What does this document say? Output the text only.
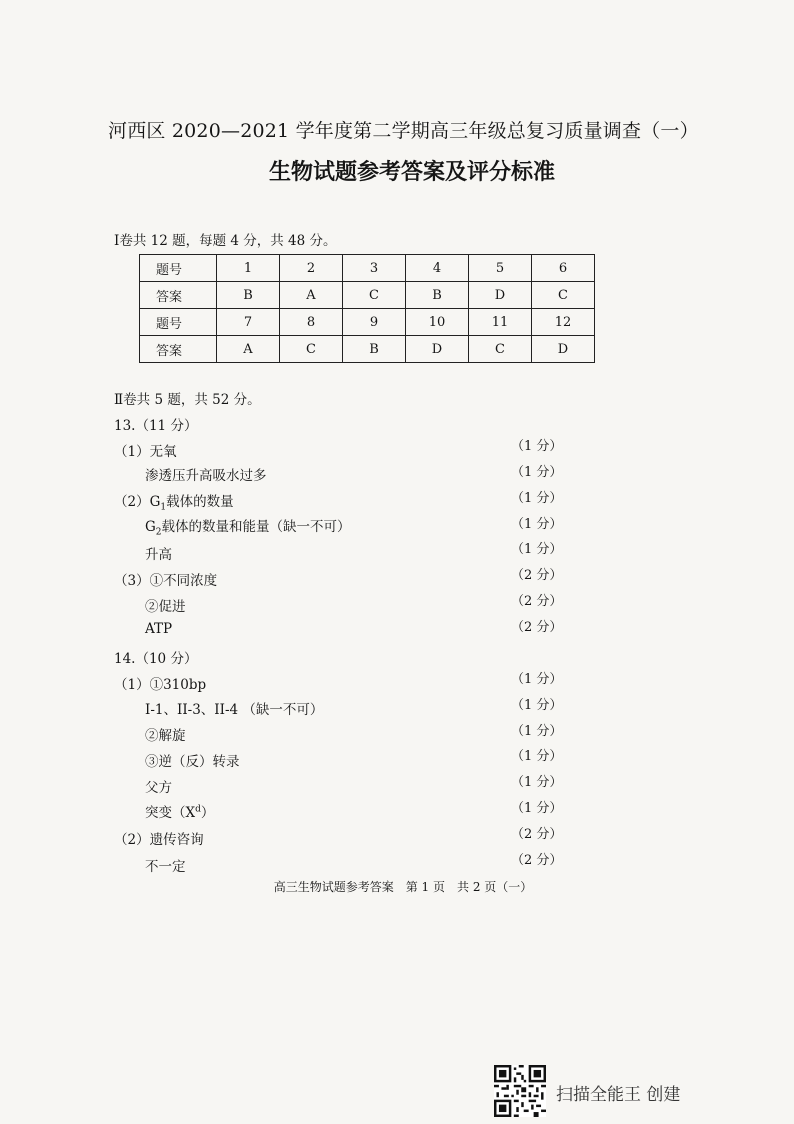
河西区 2020—2021 学年度第二学期高三年级总复习质量调查（一）
生物试题参考答案及评分标准
Ⅰ卷共 12 题，每题 4 分，共 48 分。
题号	1	2	3	4	5	6
答案	B	A	C	B	D	C
题号	7	8	9	10	11	12
答案	A	C	B	D	C	D
Ⅱ卷共 5 题，共 52 分。
13.（11 分）
（1）无氧	（1 分）
渗透压升高吸水过多	（1 分）
$(2)G_1$载体的数量	（1 分）
$G_2$载体的数量和能量（缺一不可）	（1 分）
升高	（1 分）
（3）①不同浓度	（2 分）
②促进	（2 分）
ATP	（2 分）
14.（10 分）
（1）①310bp	（1 分）
I-1、II-3、II-4 （缺一不可）	（1 分）
②解旋	（1 分）
③逆（反）转录	（1 分）
父方	（1 分）
突变$(X^d)$	（1 分）
（2）遗传咨询	（2 分）
不一定	（2 分）
高三生物试题参考答案　第 1 页　共 2 页（一）
扫描全能王 创建
